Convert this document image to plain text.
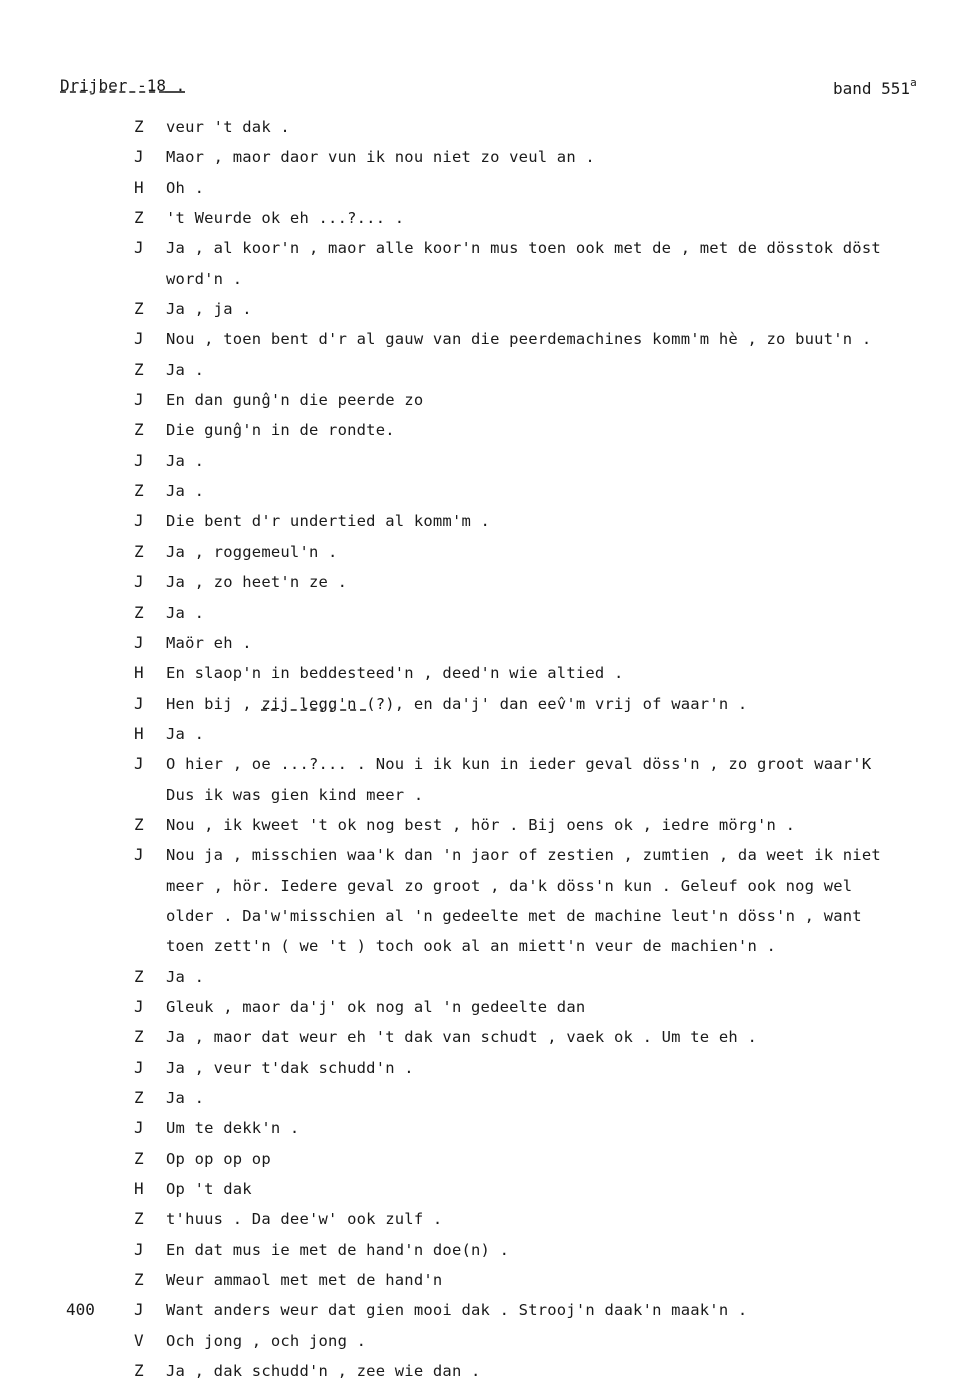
Drijber -18 .	band 551$^a$
Z	veur 't dak .
J	Maor , maor daor vun ik nou niet zo veul an .
H	Oh .
Z	't Weurde ok eh ...?... .
J	Ja , al koor'n , maor alle koor'n mus toen ook met de , met de dösstok döst
word'n .
Z	Ja , ja .
J	Nou , toen bent d'r al gauw van die peerdemachines komm'm hè , zo buut'n .
Z	Ja .
J	En dan gunĝ'n die peerde zo
Z	Die gunĝ'n in de rondte.
J	Ja .
Z	Ja .
J	Die bent d'r undertied al komm'm .
Z	Ja , roggemeul'n .
J	Ja , zo heet'n ze .
Z	Ja .
J	Maör eh .
H	En slaop'n in beddesteed'n , deed'n wie altied .
J	Hen bij , zij legg'n (?), en da'j' dan eev̂'m vrij of waar'n .
H	Ja .
J	O hier , oe ...?... . Nou i ik kun in ieder geval döss'n , zo groot waar'K
Dus ik was gien kind meer .
Z	Nou , ik kweet 't ok nog best , hör . Bij oens ok , iedre mörg'n .
J	Nou ja , misschien waa'k dan 'n jaor of zestien , zumtien , da weet ik niet
meer , hör. Iedere geval zo groot , da'k döss'n kun . Geleuf ook nog wel
older . Da'w'misschien al 'n gedeelte met de machine leut'n döss'n , want
toen zett'n ( we 't ) toch ook al an miett'n veur de machien'n .
Z	Ja .
J	Gleuk , maor da'j' ok nog al 'n gedeelte dan
Z	Ja , maor dat weur eh 't dak van schudt , vaek ok . Um te eh .
J	Ja , veur t'dak schudd'n .
Z	Ja .
J	Um te dekk'n .
Z	Op op op op
H	Op 't dak
Z	t'huus . Da dee'w' ook zulf .
J	En dat mus ie met de hand'n doe(n) .
Z	Weur ammaol met met de hand'n
400 J	Want anders weur dat gien mooi dak . Strooj'n daak'n maak'n .
V	Och jong , och jong .
Z	Ja , dak schudd'n , zee wie dan .
